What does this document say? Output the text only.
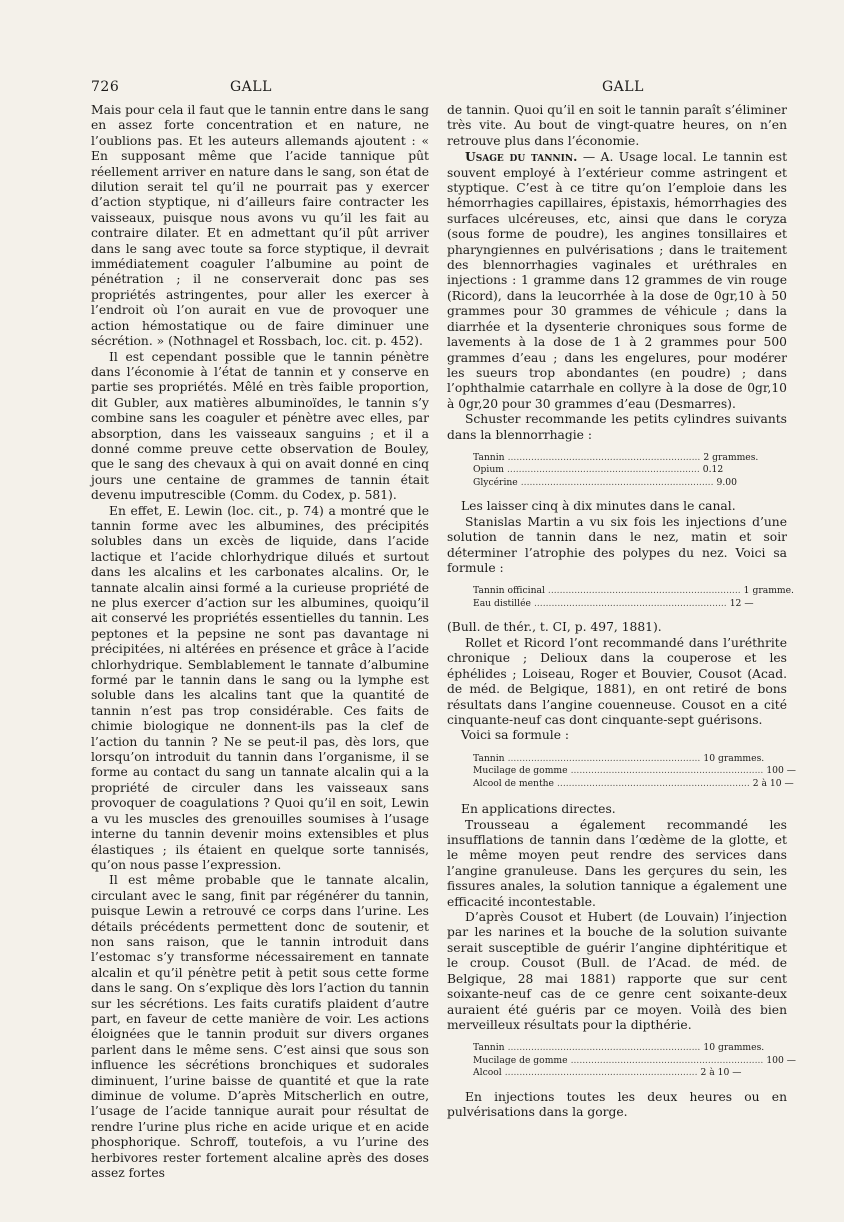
726	GALL	GALL

Mais pour cela il faut que le tannin entre dans le sang en assez forte concentration et en nature, ne l’oublions pas. Et les auteurs allemands ajoutent : « En supposant même que l’acide tannique pût réellement arriver en nature dans le sang, son état de dilution serait tel qu’il ne pourrait pas y exercer d’action styptique, ni d’ailleurs faire contracter les vaisseaux, puisque nous avons vu qu’il les fait au contraire dilater. Et en admettant qu’il pût arriver dans le sang avec toute sa force styptique, il devrait immédiatement coaguler l’albumine au point de pénétration ; il ne conserverait donc pas ses propriétés astringentes, pour aller les exercer à l’endroit où l’on aurait en vue de provoquer une action hémostatique ou de faire diminuer une sécrétion. » (Nothnagel et Rossbach, loc. cit. p. 452).

Il est cependant possible que le tannin pénètre dans l’économie à l’état de tannin et y conserve en partie ses propriétés. Mêlé en très faible proportion, dit Gubler, aux matières albuminoïdes, le tannin s’y combine sans les coaguler et pénètre avec elles, par absorption, dans les vaisseaux sanguins ; et il a donné comme preuve cette observation de Bouley, que le sang des chevaux à qui on avait donné en cinq jours une centaine de grammes de tannin était devenu imputrescible (Comm. du Codex, p. 581).

En effet, E. Lewin (loc. cit., p. 74) a montré que le tannin forme avec les albumines, des précipités solubles dans un excès de liquide, dans l’acide lactique et l’acide chlorhydrique dilués et surtout dans les alcalins et les carbonates alcalins. Or, le tannate alcalin ainsi formé a la curieuse propriété de ne plus exercer d’action sur les albumines, quoiqu’il ait conservé les propriétés essentielles du tannin. Les peptones et la pepsine ne sont pas davantage ni précipitées, ni altérées en présence et grâce à l’acide chlorhydrique. Semblablement le tannate d’albumine formé par le tannin dans le sang ou la lymphe est soluble dans les alcalins tant que la quantité de tannin n’est pas trop considérable. Ces faits de chimie biologique ne donnent-ils pas la clef de l’action du tannin ? Ne se peut-il pas, dès lors, que lorsqu’on introduit du tannin dans l’organisme, il se forme au contact du sang un tannate alcalin qui a la propriété de circuler dans les vaisseaux sans provoquer de coagulations ? Quoi qu’il en soit, Lewin a vu les muscles des grenouilles soumises à l’usage interne du tannin devenir moins extensibles et plus élastiques ; ils étaient en quelque sorte tannisés, qu’on nous passe l’expression.

Il est même probable que le tannate alcalin, circulant avec le sang, finit par régénérer du tannin, puisque Lewin a retrouvé ce corps dans l’urine. Les détails précédents permettent donc de soutenir, et non sans raison, que le tannin introduit dans l’estomac s’y transforme nécessairement en tannate alcalin et qu’il pénètre petit à petit sous cette forme dans le sang. On s’explique dès lors l’action du tannin sur les sécrétions. Les faits curatifs plaident d’autre part, en faveur de cette manière de voir. Les actions éloignées que le tannin produit sur divers organes parlent dans le même sens. C’est ainsi que sous son influence les sécrétions bronchiques et sudorales diminuent, l’urine baisse de quantité et que la rate diminue de volume. D’après Mitscherlich en outre, l’usage de l’acide tannique aurait pour résultat de rendre l’urine plus riche en acide urique et en acide phosphorique. Schroff, toutefois, a vu l’urine des herbivores rester fortement alcaline après des doses assez fortes

de tannin. Quoi qu’il en soit le tannin paraît s’éliminer très vite. Au bout de vingt-quatre heures, on n’en retrouve plus dans l’économie.

Usage du tannin. — A. Usage local. Le tannin est souvent employé à l’extérieur comme astringent et styptique. C’est à ce titre qu’on l’emploie dans les hémorrhagies capillaires, épistaxis, hémorrhagies des surfaces ulcéreuses, etc, ainsi que dans le coryza (sous forme de poudre), les angines tonsillaires et pharyngiennes en pulvérisations ; dans le traitement des blennorrhagies vaginales et uréthrales en injections : 1 gramme dans 12 grammes de vin rouge (Ricord), dans la leucorrhée à la dose de 0gr,10 à 50 grammes pour 30 grammes de véhicule ; dans la diarrhée et la dysenterie chroniques sous forme de lavements à la dose de 1 à 2 grammes pour 500 grammes d’eau ; dans les engelures, pour modérer les sueurs trop abondantes (en poudre) ; dans l’ophthalmie catarrhale en collyre à la dose de 0gr,10 à 0gr,20 pour 30 grammes d’eau (Desmarres).

Schuster recommande les petits cylindres suivants dans la blennorrhagie :

Tannin .................................................................. 2 grammes.
Opium .................................................................. 0.12
Glycérine .................................................................. 9.00

Les laisser cinq à dix minutes dans le canal.

Stanislas Martin a vu six fois les injections d’une solution de tannin dans le nez, matin et soir déterminer l’atrophie des polypes du nez. Voici sa formule :

Tannin officinal .................................................................. 1 gramme.
Eau distillée .................................................................. 12 —

(Bull. de thér., t. CI, p. 497, 1881).

Rollet et Ricord l’ont recommandé dans l’uréthrite chronique ; Delioux dans la couperose et les éphélides ; Loiseau, Roger et Bouvier, Cousot (Acad. de méd. de Belgique, 1881), en ont retiré de bons résultats dans l’angine couenneuse. Cousot en a cité cinquante-neuf cas dont cinquante-sept guérisons.

Voici sa formule :

Tannin .................................................................. 10 grammes.
Mucilage de gomme .................................................................. 100 —
Alcool de menthe .................................................................. 2 à 10 —

En applications directes.

Trousseau a également recommandé les insufflations de tannin dans l’œdème de la glotte, et le même moyen peut rendre des services dans l’angine granuleuse. Dans les gerçures du sein, les fissures anales, la solution tannique a également une efficacité incontestable.

D’après Cousot et Hubert (de Louvain) l’injection par les narines et la bouche de la solution suivante serait susceptible de guérir l’angine diphtéritique et le croup. Cousot (Bull. de l’Acad. de méd. de Belgique, 28 mai 1881) rapporte que sur cent soixante-neuf cas de ce genre cent soixante-deux auraient été guéris par ce moyen. Voilà des bien merveilleux résultats pour la dipthérie.

Tannin .................................................................. 10 grammes.
Mucilage de gomme .................................................................. 100 —
Alcool .................................................................. 2 à 10 —

En injections toutes les deux heures ou en pulvérisations dans la gorge.
